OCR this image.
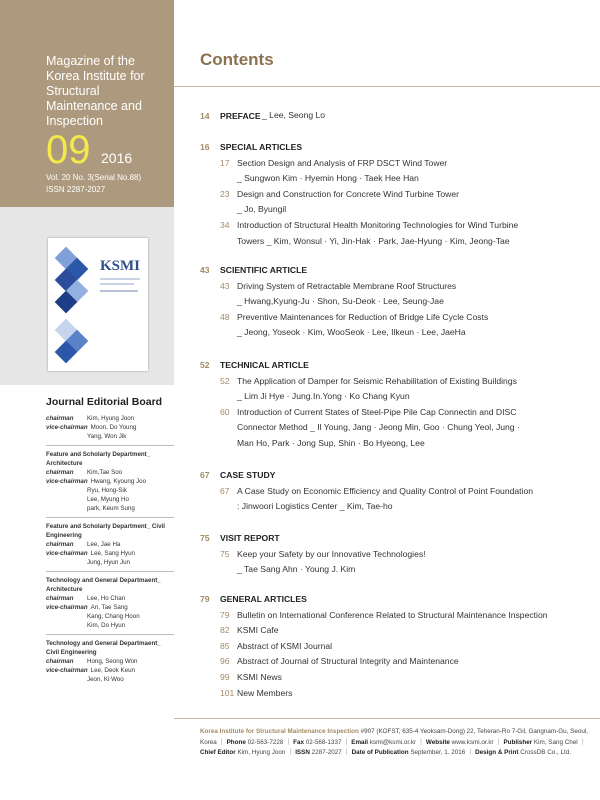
Magazine of the Korea Institute for Structural Maintenance and Inspection
09 2016
Vol. 20 No. 3(Serial No.88)
ISSN 2287-2027
KSMI
Journal Editorial Board
chairman	Kim, Hyung Joon
vice-chairman Moon, Do Young
Yang, Won Jik
Feature and Scholarly Department_ Architecture
chairman	Kim,Tae Soo
vice-chairman Hwang, Kyoung Joo
Ryu, Hong-Sik
Lee, Myung Ho
park, Keum Sung
Feature and Scholarly Department_ Civil Engineering
chairman	Lee, Jae Ha
vice-chairman Lee, Sang Hyun
Jung, Hyun Jun
Technology and General Departmaent_ Architecture
chairman	Lee, Ho Chan
vice-chairman An, Tae Sang
Kang, Chang Hoon
Kim, Do Hyun
Technology and General Departmaent_ Civil Engineering
chairman	Hong, Seong Won
vice-chairman Lee, Deok Keun
Jeon, Ki Woo
Contents
14 PREFACE _ Lee, Seong Lo
16 SPECIAL ARTICLES
17 Section Design and Analysis of FRP DSCT Wind Tower
_ Sungwon Kim · Hyemin Hong · Taek Hee Han
23 Design and Construction for Concrete Wind Turbine Tower
_ Jo, Byungil
34 Introduction of Structural Health Monitoring Technologies for Wind Turbine
Towers _ Kim, Wonsul · Yi, Jin-Hak · Park, Jae-Hyung · Kim, Jeong-Tae
43 SCIENTIFIC ARTICLE
43 Driving System of Retractable Membrane Roof Structures
_ Hwang,Kyung-Ju · Shon, Su-Deok · Lee, Seung-Jae
48 Preventive Maintenances for Reduction of Bridge Life Cycle Costs
_ Jeong, Yoseok · Kim, WooSeok · Lee, Ilkeun · Lee, JaeHa
52 TECHNICAL ARTICLE
52 The Application of Damper for Seismic Rehabilitation of Existing Buildings
_ Lim Ji Hye · Jung.In.Yong · Ko Chang Kyun
60 Introduction of Current States of Steel-Pipe Pile Cap Connectin and DISC
Connector Method _ Il Young, Jang · Jeong Min, Goo · Chung Yeol, Jung ·
Man Ho, Park · Jong Sup, Shin · Bo Hyeong, Lee
67 CASE STUDY
67 A Case Study on Economic Efficiency and Quality Control of Point Foundation
: Jinwoori Logistics Center _ Kim, Tae-ho
75 VISIT REPORT
75 Keep your Safety by our Innovative Technologies!
_ Tae Sang Ahn · Young J. Kim
79 GENERAL ARTICLES
79 Bulletin on International Conference Related to Structural Maintenance Inspection
82 KSMI Cafe
85 Abstract of KSMI Journal
96 Abstract of Journal of Structural Integrity and Maintenance
99 KSMI News
101 New Members
Korea Institute for Structural Maintenance Inspection #907 (KOFST, 635-4 Yeoksam-Dong) 22, Teheran-Ro 7-Gil, Gangnam-Gu, Seoul, Korea ｜ Phone 02-563-7228 ｜ Fax 02-568-1337 ｜ Email ksmi@ksmi.or.kr ｜ Website www.ksmi.or.kr ｜ Publisher Kim, Sang Chel ｜ Chief Editor Kim, Hyung Joon ｜ ISSN 2287-2027 ｜ Date of Publication September, 1. 2016 ｜ Design & Print CrossDB Co., Ltd.
